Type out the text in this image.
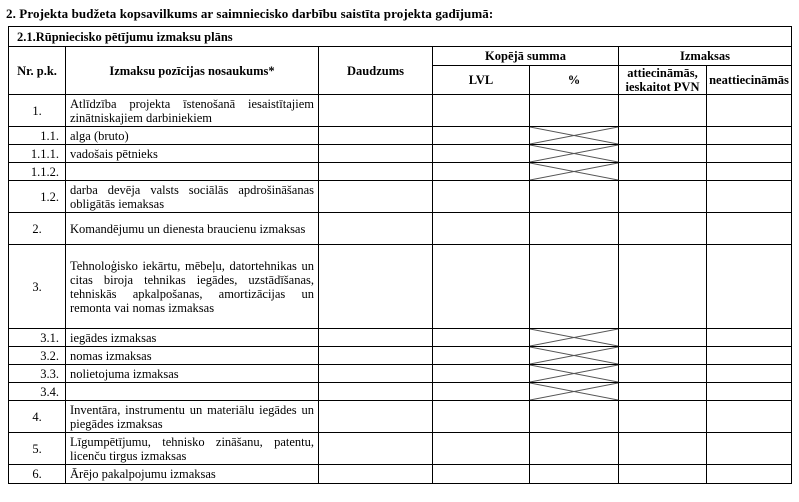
2. Projekta budžeta kopsavilkums ar saimniecisko darbību saistīta projekta gadījumā:
2.1.Rūpniecisko pētījumu izmaksu plāns						
Nr. p.k.	Izmaksu pozīcijas nosaukums*	Daudzums	Kopējā summa		Izmaksas	
			LVL	%	attiecināmās, ieskaitot PVN	neattiecināmās
1.	Atlīdzība projekta īstenošanā iesaistītajiem zinātniskajiem darbiniekiem					
1.1.	alga (bruto)			

1.1.1.	vadošais pētnieks			

1.1.2.				

1.2.	darba devēja valsts sociālās apdrošināšanas obligātās iemaksas					
2.	Komandējumu un dienesta braucienu izmaksas					
3.	Tehnoloģisko iekārtu, mēbeļu, datortehnikas un citas biroja tehnikas iegādes, uzstādīšanas, tehniskās apkalpošanas, amortizācijas un remonta vai nomas izmaksas					
3.1.	iegādes izmaksas			

3.2.	nomas izmaksas			

3.3.	nolietojuma izmaksas			

3.4.				

4.	Inventāra, instrumentu un materiālu iegādes un piegādes izmaksas					
5.	Līgumpētījumu, tehnisko zināšanu, patentu, licenču tirgus izmaksas					
6.	Ārējo pakalpojumu izmaksas					
